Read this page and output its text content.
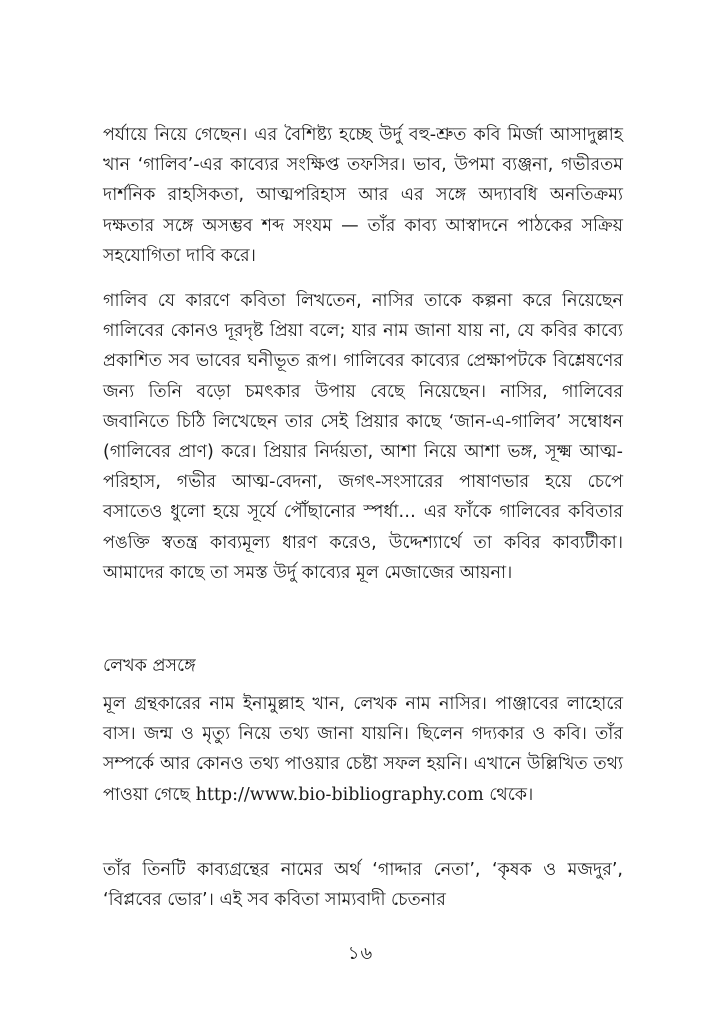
পর্যায়ে নিয়ে গেছেন। এর বৈশিষ্ট্য হচ্ছে উর্দু বহু-শ্রুত কবি মির্জা আসাদুল্লাহ খান ‘গালিব’-এর কাব্যের সংক্ষিপ্ত তফসির। ভাব, উপমা ব্যঞ্জনা, গভীরতম দার্শনিক রাহসিকতা, আত্মপরিহাস আর এর সঙ্গে অদ্যাবধি অনতিক্রম্য দক্ষতার সঙ্গে অসম্ভব শব্দ সংযম — তাঁর কাব্য আস্বাদনে পাঠকের সক্রিয় সহযোগিতা দাবি করে।

গালিব যে কারণে কবিতা লিখতেন, নাসির তাকে কল্পনা করে নিয়েছেন গালিবের কোনও দূরদৃষ্ট প্রিয়া বলে; যার নাম জানা যায় না, যে কবির কাব্যে প্রকাশিত সব ভাবের ঘনীভূত রূপ। গালিবের কাব্যের প্রেক্ষাপটকে বিশ্লেষণের জন্য তিনি বড়ো চমৎকার উপায় বেছে নিয়েছেন। নাসির, গালিবের জবানিতে চিঠি লিখেছেন তার সেই প্রিয়ার কাছে ‘জান-এ-গালিব’ সম্বোধন (গালিবের প্রাণ) করে। প্রিয়ার নির্দয়তা, আশা নিয়ে আশা ভঙ্গ, সূক্ষ্ম আত্ম-পরিহাস, গভীর আত্ম-বেদনা, জগৎ-সংসারের পাষাণভার হয়ে চেপে বসাতেও ধুলো হয়ে সূর্যে পৌঁছানোর স্পর্ধা… এর ফাঁকে গালিবের কবিতার পঙক্তি স্বতন্ত্র কাব্যমূল্য ধারণ করেও, উদ্দেশ্যার্থে তা কবির কাব্যটীকা। আমাদের কাছে তা সমস্ত উর্দু কাব্যের মূল মেজাজের আয়না।

লেখক প্রসঙ্গে

মূল গ্রন্থকারের নাম ইনামুল্লাহ খান, লেখক নাম নাসির। পাঞ্জাবের লাহোরে বাস। জন্ম ও মৃত্যু নিয়ে তথ্য জানা যায়নি। ছিলেন গদ্যকার ও কবি। তাঁর সম্পর্কে আর কোনও তথ্য পাওয়ার চেষ্টা সফল হয়নি। এখানে উল্লিখিত তথ্য পাওয়া গেছে http://www.bio-bibliography.com থেকে।

তাঁর তিনটি কাব্যগ্রন্থের নামের অর্থ ‘গাদ্দার নেতা’, ‘কৃষক ও মজদুর’, ‘বিপ্লবের ভোর’। এই সব কবিতা সাম্যবাদী চেতনার

১৬
